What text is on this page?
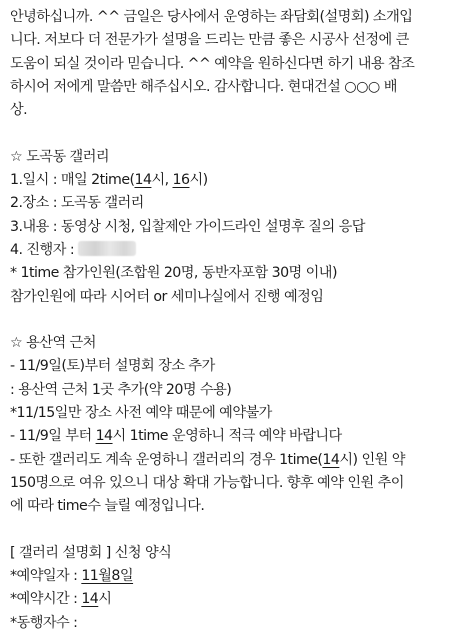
안녕하십니까. ^^ 금일은 당사에서 운영하는 좌담회(설명회) 소개입
니다. 저보다 더 전문가가 설명을 드리는 만큼 좋은 시공사 선정에 큰
도움이 되실 것이라 믿습니다. ^^ 예약을 원하신다면 하기 내용 참조
하시어 저에게 말씀만 해주십시오. 감사합니다. 현대건설 ○○○ 배
상.
☆ 도곡동 갤러리
1.일시 : 매일 2time(14시, 16시)
2.장소 : 도곡동 갤러리
3.내용 : 동영상 시청, 입찰제안 가이드라인 설명후 질의 응답
4. 진행자 :
* 1time 참가인원(조합원 20명, 동반자포함 30명 이내)
참가인원에 따라 시어터 or 세미나실에서 진행 예정임
☆ 용산역 근처
- 11/9일(토)부터 설명회 장소 추가
: 용산역 근처 1곳 추가(약 20명 수용)
*11/15일만 장소 사전 예약 때문에 예약불가
- 11/9일 부터 14시 1time 운영하니 적극 예약 바랍니다
- 또한 갤러리도 계속 운영하니 갤러리의 경우 1time(14시) 인원 약
150명으로 여유 있으니 대상 확대 가능합니다. 향후 예약 인원 추이
에 따라 time수 늘릴 예정입니다.
[ 갤러리 설명회 ] 신청 양식
*예약일자 : 11월8일
*예약시간 : 14시
*동행자수 :
